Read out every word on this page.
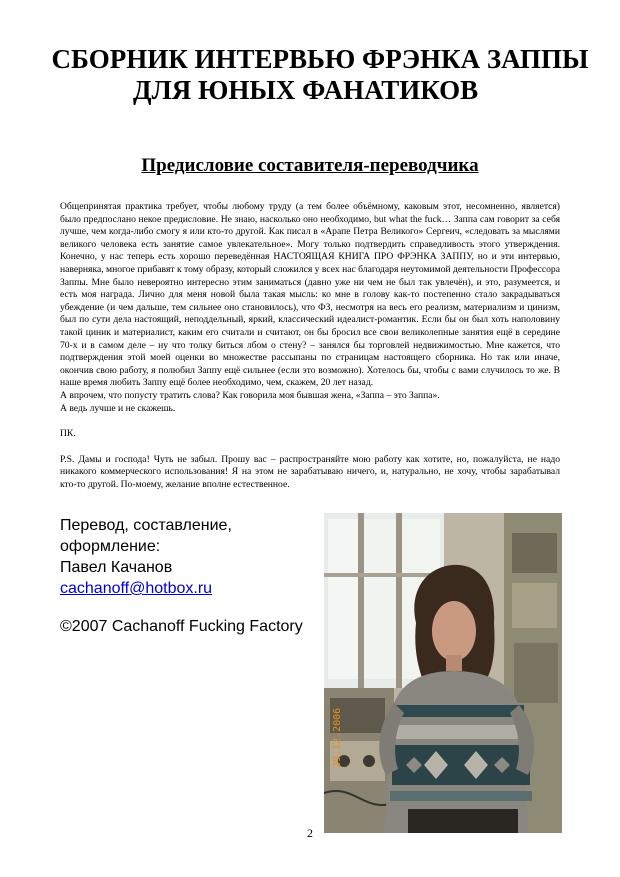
СБОРНИК ИНТЕРВЬЮ ФРЭНКА ЗАППЫ
ДЛЯ ЮНЫХ ФАНАТИКОВ
Предисловие составителя-переводчика

Общепринятая практика требует, чтобы любому труду (а тем более объёмному, каковым этот, несомненно, является) было предпослано некое предисловие. Не знаю, насколько оно необходимо, but what the fuck… Заппа сам говорит за себя лучше, чем когда-либо смогу я или кто-то другой. Как писал в «Арапе Петра Великого» Сергеич, «следовать за мыслями великого человека есть занятие самое увлекательное». Могу только подтвердить справедливость этого утверждения. Конечно, у нас теперь есть хорошо переведённая НАСТОЯЩАЯ КНИГА ПРО ФРЭНКА ЗАППУ, но и эти интервью, наверняка, многое прибавят к тому образу, который сложился у всех нас благодаря неутомимой деятельности Профессора Заппы. Мне было невероятно интересно этим заниматься (давно уже ни чем не был так увлечён), и это, разумеется, и есть моя награда. Лично для меня новой была такая мысль: ко мне в голову как-то постепенно стало закрадываться убеждение (и чем дальше, тем сильнее оно становилось), что ФЗ, несмотря на весь его реализм, материализм и цинизм, был по сути дела настоящий, неподдельный, яркий, классический идеалист-романтик. Если бы он был хоть наполовину такой циник и материалист, каким его считали и считают, он бы бросил все свои великолепные занятия ещё в середине 70-х и в самом деле – ну что толку биться лбом о стену? – занялся бы торговлей недвижимостью. Мне кажется, что подтверждения этой моей оценки во множестве рассыпаны по страницам настоящего сборника. Но так или иначе, окончив свою работу, я полюбил Заппу ещё сильнее (если это возможно). Хотелось бы, чтобы с вами случилось то же. В наше время любить Заппу ещё более необходимо, чем, скажем, 20 лет назад.

А впрочем, что попусту тратить слова? Как говорила моя бывшая жена, «Заппа – это Заппа».

А ведь лучше и не скажешь.

ПК.

P.S. Дамы и господа! Чуть не забыл. Прошу вас – распространяйте мою работу как хотите, но, пожалуйста, не надо никакого коммерческого использования! Я на этом не зарабатываю ничего, и, натурально, не хочу, чтобы зарабатывал кто-то другой. По-моему, желание вполне естественное.

Перевод, составление,
оформление:
Павел Качанов
cachanoff@hotbox.ru
©2007 Cachanoff Fucking Factory
29.12.2006
2
